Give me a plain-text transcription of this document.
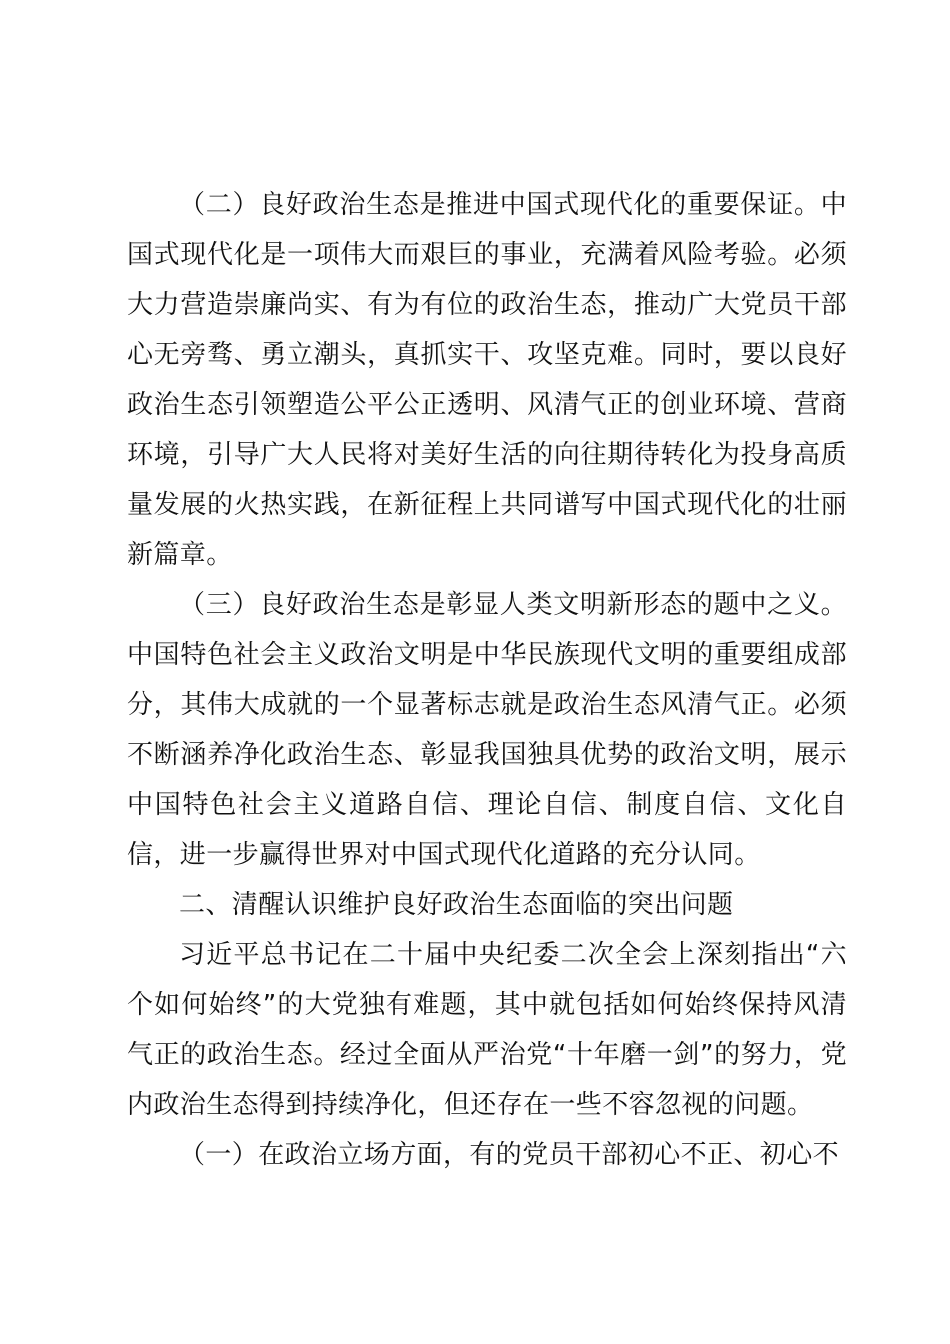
（二）良好政治生态是推进中国式现代化的重要保证。中国式现代化是一项伟大而艰巨的事业，充满着风险考验。必须大力营造崇廉尚实、有为有位的政治生态，推动广大党员干部心无旁骛、勇立潮头，真抓实干、攻坚克难。同时，要以良好政治生态引领塑造公平公正透明、风清气正的创业环境、营商环境，引导广大人民将对美好生活的向往期待转化为投身高质量发展的火热实践，在新征程上共同谱写中国式现代化的壮丽新篇章。

（三）良好政治生态是彰显人类文明新形态的题中之义。中国特色社会主义政治文明是中华民族现代文明的重要组成部分，其伟大成就的一个显著标志就是政治生态风清气正。必须不断涵养净化政治生态、彰显我国独具优势的政治文明，展示中国特色社会主义道路自信、理论自信、制度自信、文化自信，进一步赢得世界对中国式现代化道路的充分认同。

二、清醒认识维护良好政治生态面临的突出问题

习近平总书记在二十届中央纪委二次全会上深刻指出“六个如何始终”的大党独有难题，其中就包括如何始终保持风清气正的政治生态。经过全面从严治党“十年磨一剑”的努力，党内政治生态得到持续净化，但还存在一些不容忽视的问题。

（一）在政治立场方面，有的党员干部初心不正、初心不
